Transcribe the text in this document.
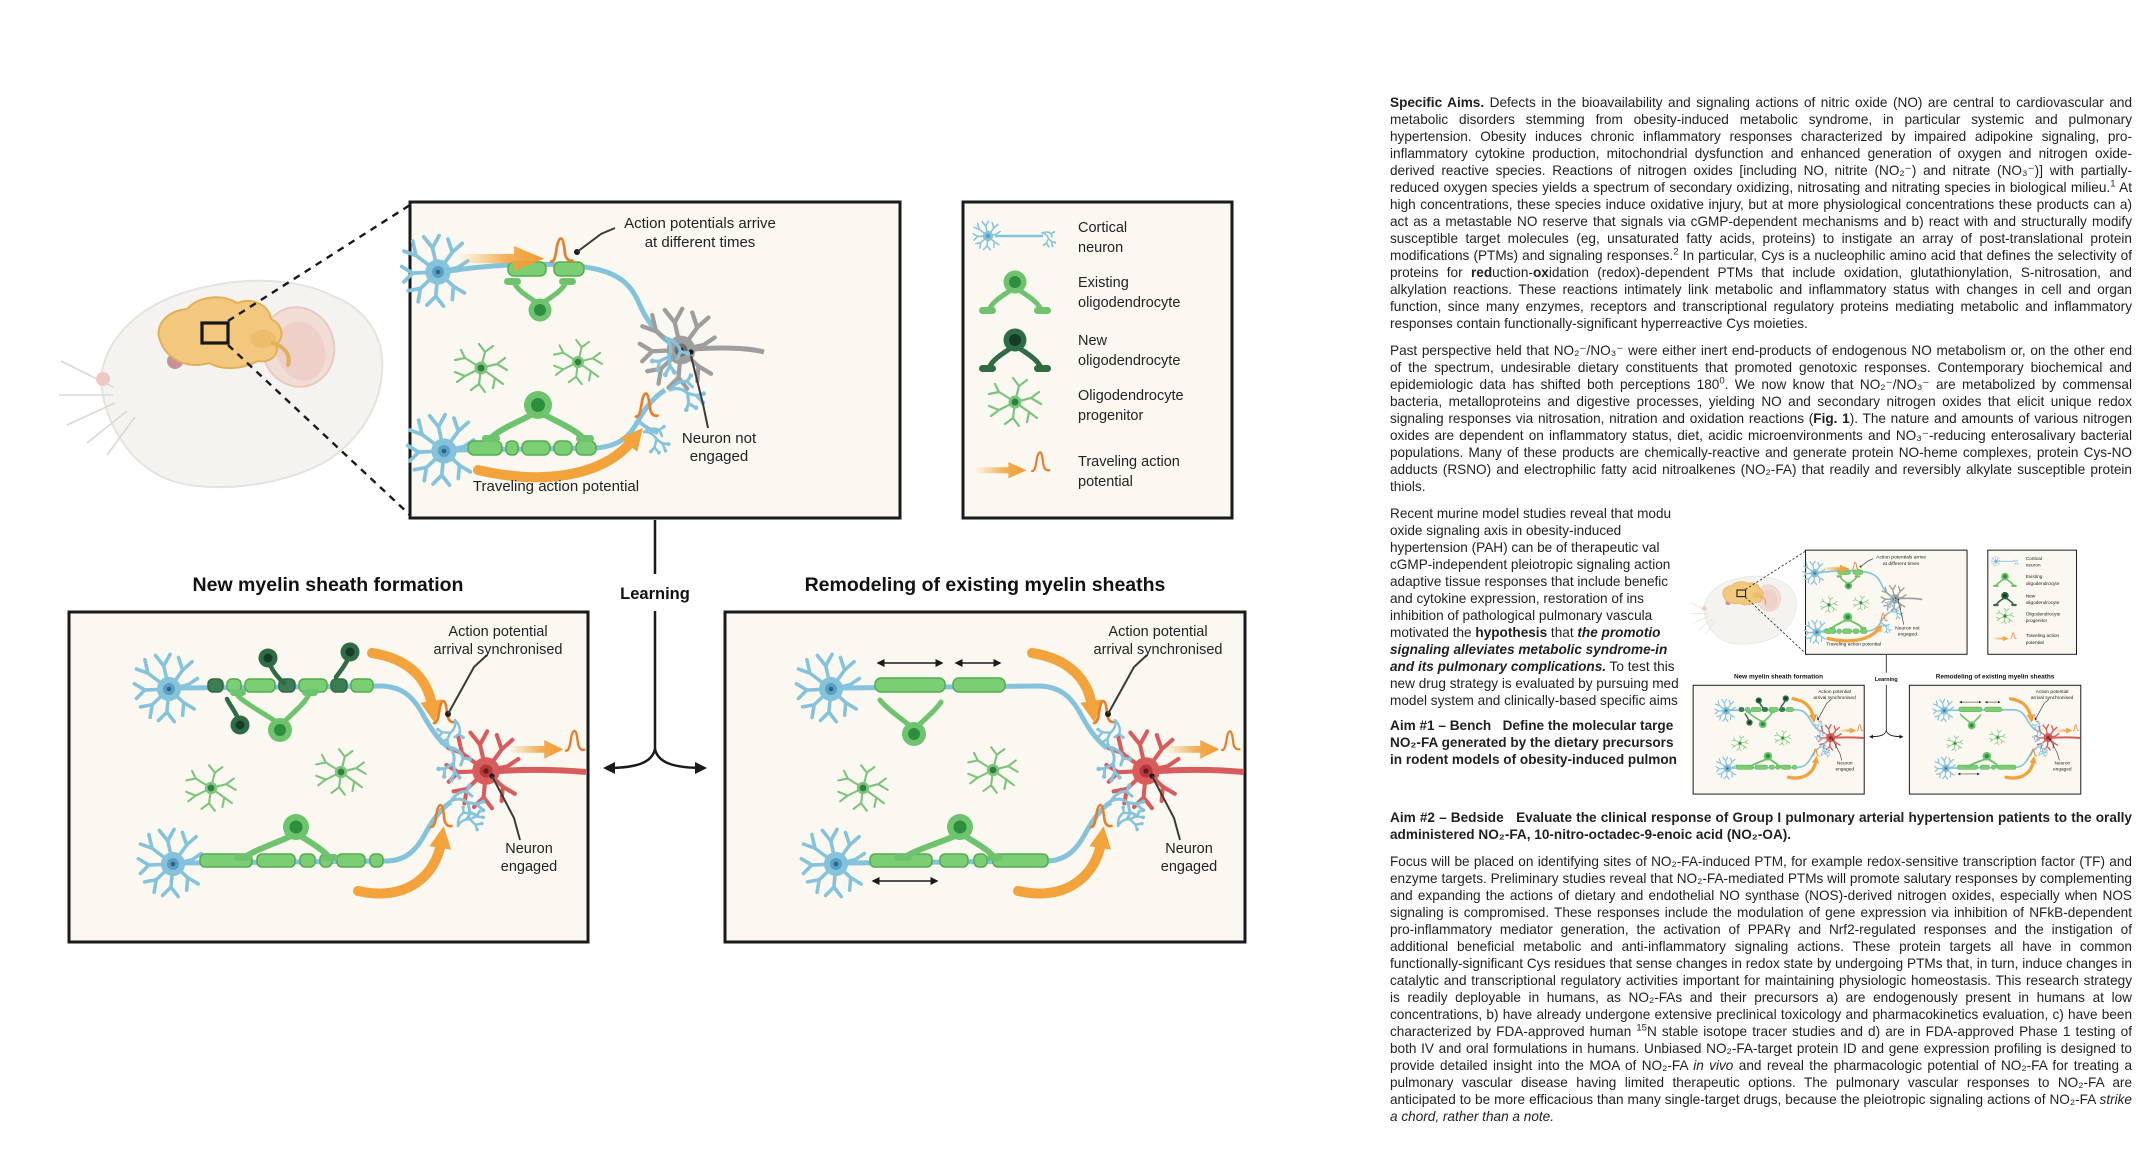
Action potentials arrive
at different times
Traveling action potential
Neuron not
engaged
Cortical
neuron
Existing
oligodendrocyte
New
oligodendrocyte
Oligodendrocyte
progenitor
Traveling action
potential
Learning
New myelin sheath formation
Action potential
arrival synchronised
Neuron
engaged
Remodeling of existing myelin sheaths
Action potential
arrival synchronised
Neuron
engaged

Specific Aims. Defects in the bioavailability and signaling actions of nitric oxide (NO) are central to cardiovascular and metabolic disorders stemming from obesity-induced metabolic syndrome, in particular systemic and pulmonary hypertension. Obesity induces chronic inflammatory responses characterized by impaired adipokine signaling, pro-inflammatory cytokine production, mitochondrial dysfunction and enhanced generation of oxygen and nitrogen oxide-derived reactive species. Reactions of nitrogen oxides [including NO, nitrite (NO₂⁻) and nitrate (NO₃⁻)] with partially-reduced oxygen species yields a spectrum of secondary oxidizing, nitrosating and nitrating species in biological milieu.$^1$ At high concentrations, these species induce oxidative injury, but at more physiological concentrations these products can a) act as a metastable NO reserve that signals via cGMP-dependent mechanisms and b) react with and structurally modify susceptible target molecules (eg, unsaturated fatty acids, proteins) to instigate an array of post-translational protein modifications (PTMs) and signaling responses.$^2$ In particular, Cys is a nucleophilic amino acid that defines the selectivity of proteins for reduction-oxidation (redox)-dependent PTMs that include oxidation, glutathionylation, S-nitrosation, and alkylation reactions. These reactions intimately link metabolic and inflammatory status with changes in cell and organ function, since many enzymes, receptors and transcriptional regulatory proteins mediating metabolic and inflammatory responses contain functionally-significant hyperreactive Cys moieties.

Past perspective held that NO₂⁻/NO₃⁻ were either inert end-products of endogenous NO metabolism or, on the other end of the spectrum, undesirable dietary constituents that promoted genotoxic responses. Contemporary biochemical and epidemiologic data has shifted both perceptions $180^0$. We now know that NO₂⁻/NO₃⁻ are metabolized by commensal bacteria, metalloproteins and digestive processes, yielding NO and secondary nitrogen oxides that elicit unique redox signaling responses via nitrosation, nitration and oxidation reactions (Fig. 1). The nature and amounts of various nitrogen oxides are dependent on inflammatory status, diet, acidic microenvironments and NO₃⁻-reducing enterosalivary bacterial populations. Many of these products are chemically-reactive and generate protein NO-heme complexes, protein Cys-NO adducts (RSNO) and electrophilic fatty acid nitroalkenes (NO₂-FA) that readily and reversibly alkylate susceptible protein thiols.

Recent murine model studies reveal that modu
oxide signaling axis in obesity-induced
hypertension (PAH) can be of therapeutic val
cGMP-independent pleiotropic signaling action
adaptive tissue responses that include benefic
and cytokine expression, restoration of ins
inhibition of pathological pulmonary vascula
motivated the hypothesis that the promotio
signaling alleviates metabolic syndrome-in
and its pulmonary complications. To test this
new drug strategy is evaluated by pursuing med
model system and clinically-based specific aims
Aim #1 – Bench   Define the molecular targe
NO₂-FA generated by the dietary precursors
in rodent models of obesity-induced pulmon

Aim #2 – Bedside   Evaluate the clinical response of Group I pulmonary arterial hypertension patients to the orally administered NO₂-FA, 10-nitro-octadec-9-enoic acid (NO₂-OA).

Focus will be placed on identifying sites of NO₂-FA-induced PTM, for example redox-sensitive transcription factor (TF) and enzyme targets. Preliminary studies reveal that NO₂-FA-mediated PTMs will promote salutary responses by complementing and expanding the actions of dietary and endothelial NO synthase (NOS)-derived nitrogen oxides, especially when NOS signaling is compromised. These responses include the modulation of gene expression via inhibition of NFkB-dependent pro-inflammatory mediator generation, the activation of PPARγ and Nrf2-regulated responses and the instigation of additional beneficial metabolic and anti-inflammatory signaling actions. These protein targets all have in common functionally-significant Cys residues that sense changes in redox state by undergoing PTMs that, in turn, induce changes in catalytic and transcriptional regulatory activities important for maintaining physiologic homeostasis. This research strategy is readily deployable in humans, as NO₂-FAs and their precursors a) are endogenously present in humans at low concentrations, b) have already undergone extensive preclinical toxicology and pharmacokinetics evaluation, c) have been characterized by FDA-approved human $^{15}$N stable isotope tracer studies and d) are in FDA-approved Phase 1 testing of both IV and oral formulations in humans. Unbiased NO₂-FA-target protein ID and gene expression profiling is designed to provide detailed insight into the MOA of NO₂-FA in vivo and reveal the pharmacologic potential of NO₂-FA for treating a pulmonary vascular disease having limited therapeutic options. The pulmonary vascular responses to NO₂-FA are anticipated to be more efficacious than many single-target drugs, because the pleiotropic signaling actions of NO₂-FA strike a chord, rather than a note.
